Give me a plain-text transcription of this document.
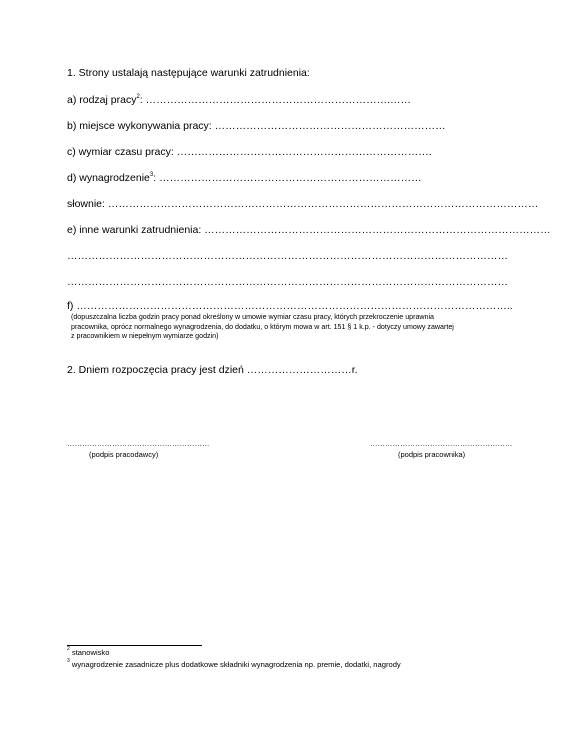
1. Strony ustalają następujące warunki zatrudnienia:
a) rodzaj pracy$^2$: …………………………………………………………….……
b) miejsce wykonywania pracy: …………………………………………………………
c) wymiar czasu pracy: ……………………………………………………………….
d) wynagrodzenie$^3$: …………………………………………………………………
słownie: ……………………………………………………………………………………………………………
e) inne warunki zatrudnienia: ………………………………………………………………………………………
………………………………………………………………………………………………………………
………………………………………………………………………………………………………………
f) ……………………………………………………………………………………………………………..
(dopuszczalna liczba godzin pracy ponad określony w umowie wymiar czasu pracy, których przekroczenie uprawnia
pracownika, oprócz normalnego wynagrodzenia, do dodatku, o którym mowa w art. 151 § 1 k.p. - dotyczy umowy zawartej
z pracownikiem w niepełnym wymiarze godzin)
2. Dniem rozpoczęcia pracy jest dzień …………………………r.
…………………………………………………
(podpis pracodawcy)
…………………………………………………
(podpis pracownika)
$^2$ stanowisko
$^3$ wynagrodzenie zasadnicze plus dodatkowe składniki wynagrodzenia np. premie, dodatki, nagrody
